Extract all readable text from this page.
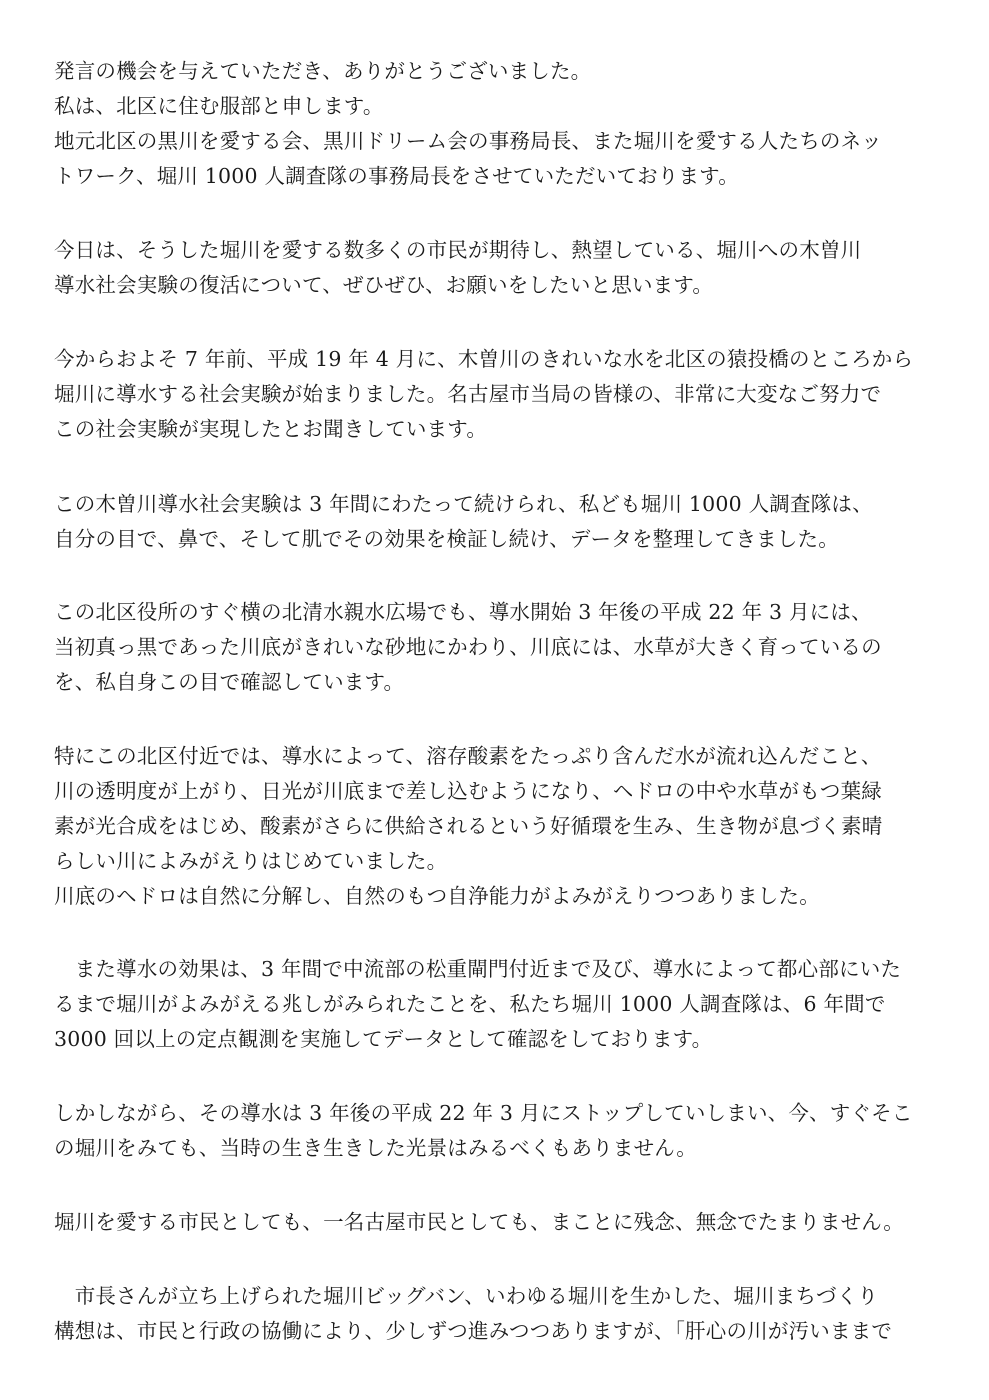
発言の機会を与えていただき、ありがとうございました。
私は、北区に住む服部と申します。
地元北区の黒川を愛する会、黒川ドリーム会の事務局長、また堀川を愛する人たちのネッ
トワーク、堀川 1000 人調査隊の事務局長をさせていただいております。
今日は、そうした堀川を愛する数多くの市民が期待し、熱望している、堀川への木曽川
導水社会実験の復活について、ぜひぜひ、お願いをしたいと思います。
今からおよそ 7 年前、平成 19 年 4 月に、木曽川のきれいな水を北区の猿投橋のところから
堀川に導水する社会実験が始まりました。名古屋市当局の皆様の、非常に大変なご努力で
この社会実験が実現したとお聞きしています。
この木曽川導水社会実験は 3 年間にわたって続けられ、私ども堀川 1000 人調査隊は、
自分の目で、鼻で、そして肌でその効果を検証し続け、データを整理してきました。
この北区役所のすぐ横の北清水親水広場でも、導水開始 3 年後の平成 22 年 3 月には、
当初真っ黒であった川底がきれいな砂地にかわり、川底には、水草が大きく育っているの
を、私自身この目で確認しています。
特にこの北区付近では、導水によって、溶存酸素をたっぷり含んだ水が流れ込んだこと、
川の透明度が上がり、日光が川底まで差し込むようになり、ヘドロの中や水草がもつ葉緑
素が光合成をはじめ、酸素がさらに供給されるという好循環を生み、生き物が息づく素晴
らしい川によみがえりはじめていました。
川底のヘドロは自然に分解し、自然のもつ自浄能力がよみがえりつつありました。
　また導水の効果は、3 年間で中流部の松重閘門付近まで及び、導水によって都心部にいた
るまで堀川がよみがえる兆しがみられたことを、私たち堀川 1000 人調査隊は、6 年間で
3000 回以上の定点観測を実施してデータとして確認をしております。
しかしながら、その導水は 3 年後の平成 22 年 3 月にストップしていしまい、今、すぐそこ
の堀川をみても、当時の生き生きした光景はみるべくもありません。
堀川を愛する市民としても、一名古屋市民としても、まことに残念、無念でたまりません。
　市長さんが立ち上げられた堀川ビッグバン、いわゆる堀川を生かした、堀川まちづくり
構想は、市民と行政の協働により、少しずつ進みつつありますが、「肝心の川が汚いままで
